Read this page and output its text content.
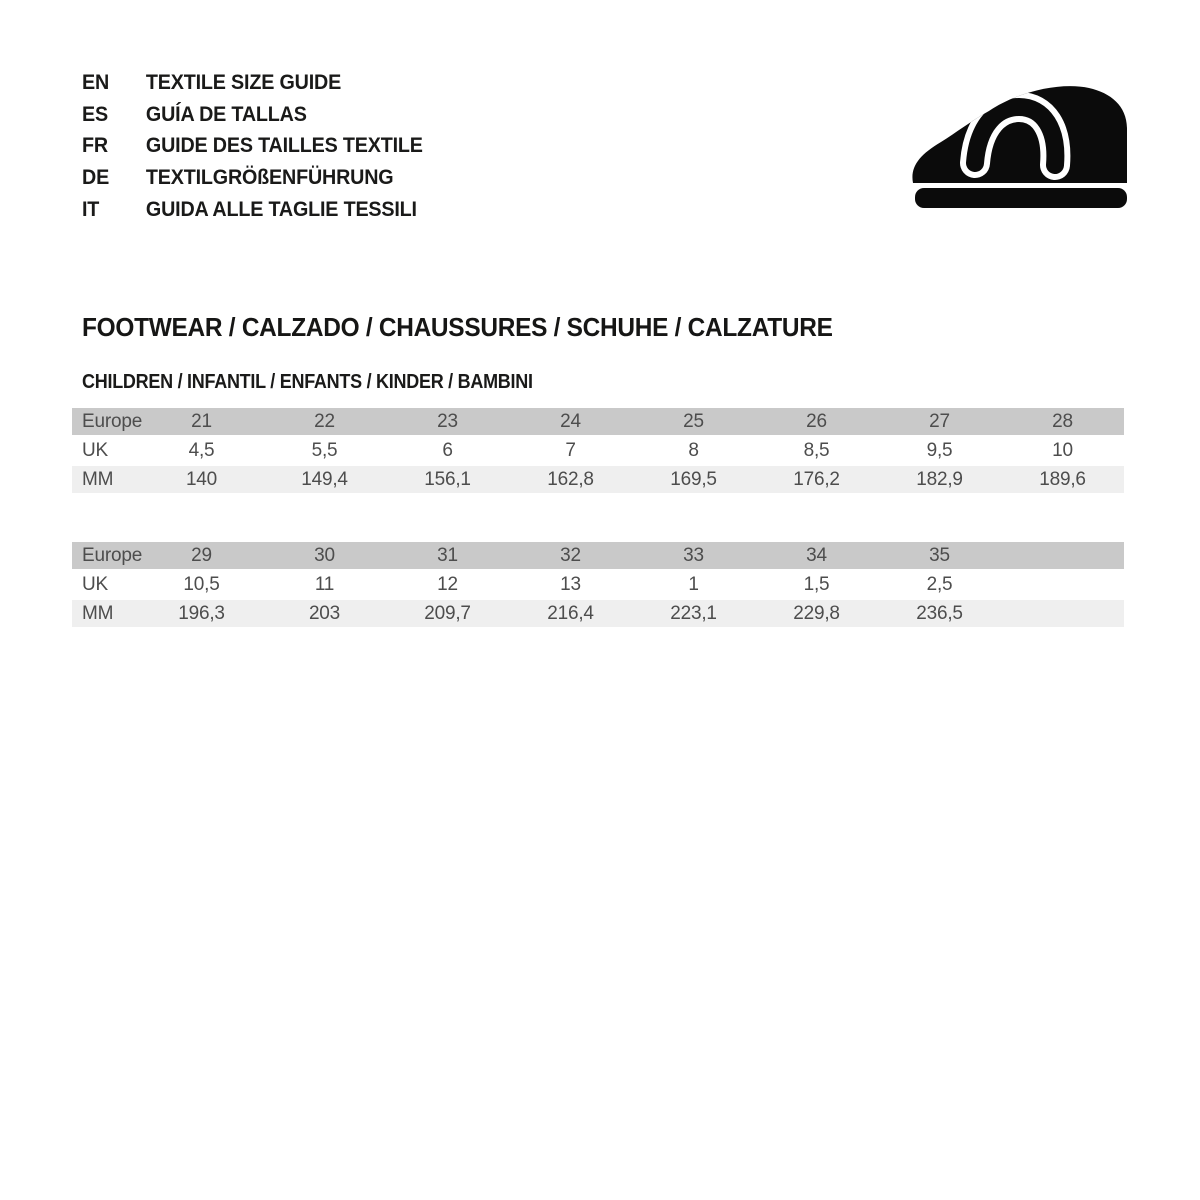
EN	TEXTILE SIZE GUIDE
ES	GUÍA DE TALLAS
FR	GUIDE DES TAILLES TEXTILE
DE	TEXTILGRÖßENFÜHRUNG
IT	GUIDA ALLE TAGLIE TESSILI
FOOTWEAR / CALZADO / CHAUSSURES / SCHUHE / CALZATURE
CHILDREN / INFANTIL / ENFANTS / KINDER / BAMBINI
Europe	21	22	23	24	25	26	27	28
UK	4,5	5,5	6	7	8	8,5	9,5	10
MM	140	149,4	156,1	162,8	169,5	176,2	182,9	189,6
Europe	29	30	31	32	33	34	35
UK	10,5	11	12	13	1	1,5	2,5
MM	196,3	203	209,7	216,4	223,1	229,8	236,5
